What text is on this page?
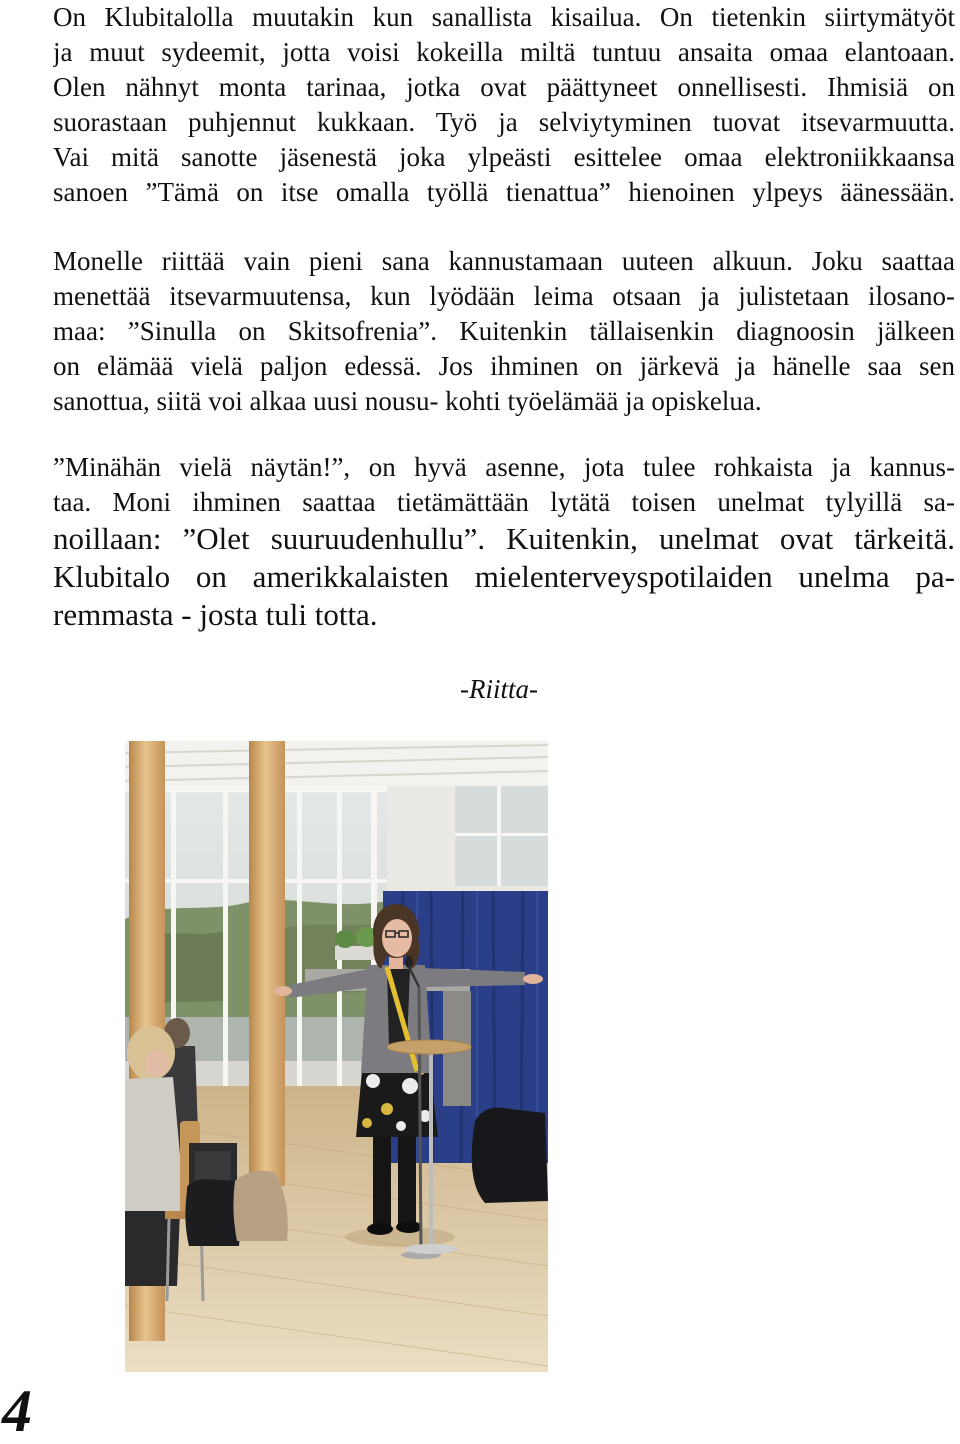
On Klubitalolla muutakin kun sanallista kisailua. On tietenkin siirtymätyöt
ja muut sydeemit, jotta voisi kokeilla miltä tuntuu ansaita omaa elantoaan.
Olen nähnyt monta tarinaa, jotka ovat päättyneet onnellisesti. Ihmisiä on
suorastaan puhjennut kukkaan. Työ ja selviytyminen tuovat itsevarmuutta.
Vai mitä sanotte jäsenestä joka ylpeästi esittelee omaa elektroniikkaansa
sanoen ”Tämä on itse omalla työllä tienattua” hienoinen ylpeys äänessään.
Monelle riittää vain pieni sana kannustamaan uuteen alkuun. Joku saattaa
menettää itsevarmuutensa, kun lyödään leima otsaan ja julistetaan ilosano-
maa: ”Sinulla on Skitsofrenia”. Kuitenkin tällaisenkin diagnoosin jälkeen
on elämää vielä paljon edessä. Jos ihminen on järkevä ja hänelle saa sen
sanottua, siitä voi alkaa uusi nousu- kohti työelämää ja opiskelua.
”Minähän vielä näytän!”, on hyvä asenne, jota tulee rohkaista ja kannus-
taa. Moni ihminen saattaa tietämättään lytätä toisen unelmat tylyillä sa-
noillaan: ”Olet suuruudenhullu”. Kuitenkin, unelmat ovat tärkeitä.
Klubitalo on amerikkalaisten mielenterveyspotilaiden unelma pa-
remmasta - josta tuli totta.
-Riitta-
4
